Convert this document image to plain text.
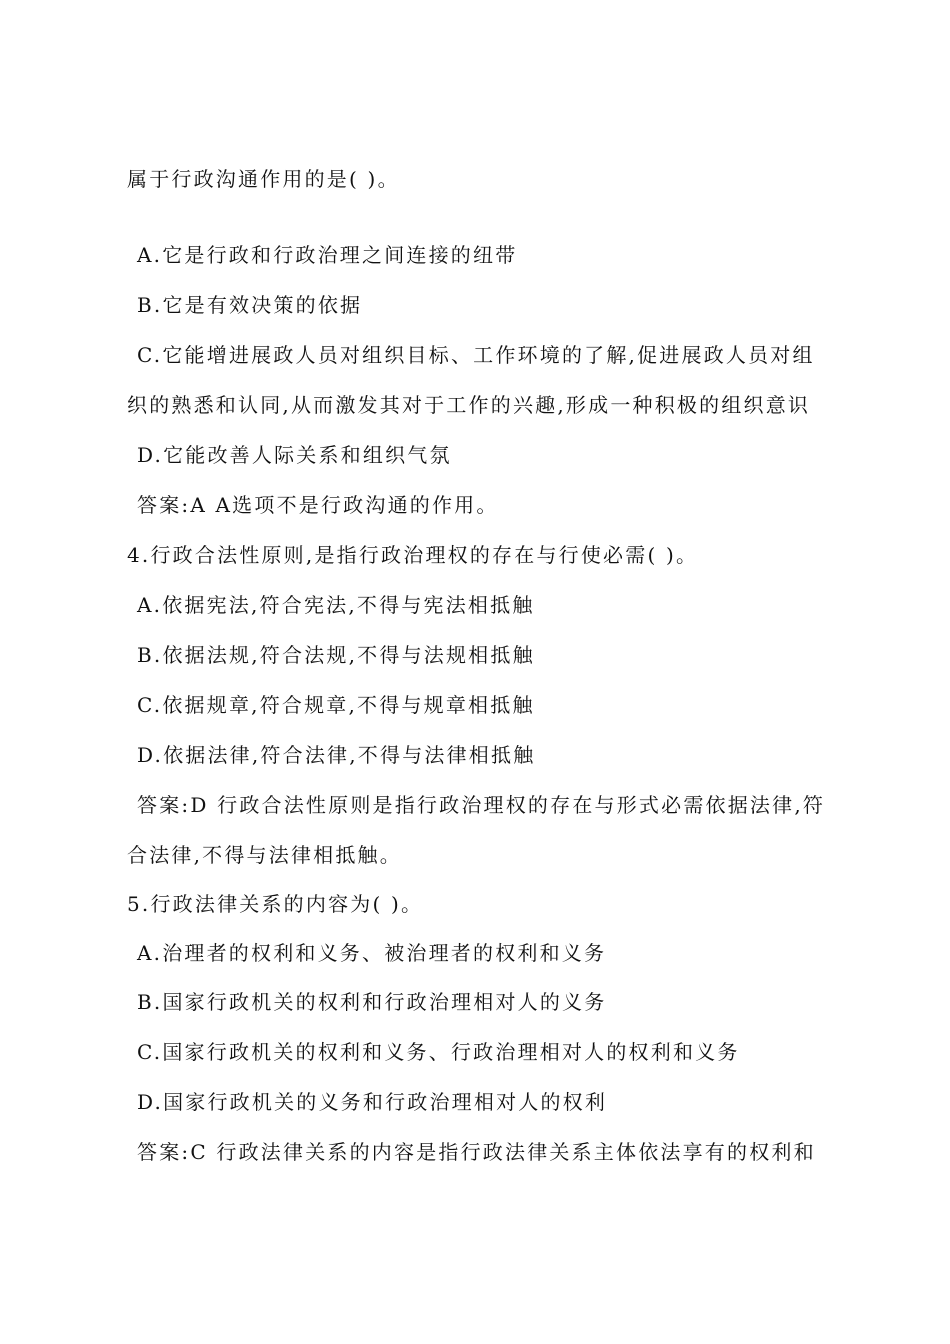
属于行政沟通作用的是( )。
A.它是行政和行政治理之间连接的纽带
B.它是有效决策的依据
C.它能增进展政人员对组织目标、工作环境的了解,促进展政人员对组
织的熟悉和认同,从而激发其对于工作的兴趣,形成一种积极的组织意识
D.它能改善人际关系和组织气氛
答案:A A选项不是行政沟通的作用。
4.行政合法性原则,是指行政治理权的存在与行使必需( )。
A.依据宪法,符合宪法,不得与宪法相抵触
B.依据法规,符合法规,不得与法规相抵触
C.依据规章,符合规章,不得与规章相抵触
D.依据法律,符合法律,不得与法律相抵触
答案:D 行政合法性原则是指行政治理权的存在与形式必需依据法律,符
合法律,不得与法律相抵触。
5.行政法律关系的内容为( )。
A.治理者的权利和义务、被治理者的权利和义务
B.国家行政机关的权利和行政治理相对人的义务
C.国家行政机关的权利和义务、行政治理相对人的权利和义务
D.国家行政机关的义务和行政治理相对人的权利
答案:C 行政法律关系的内容是指行政法律关系主体依法享有的权利和
